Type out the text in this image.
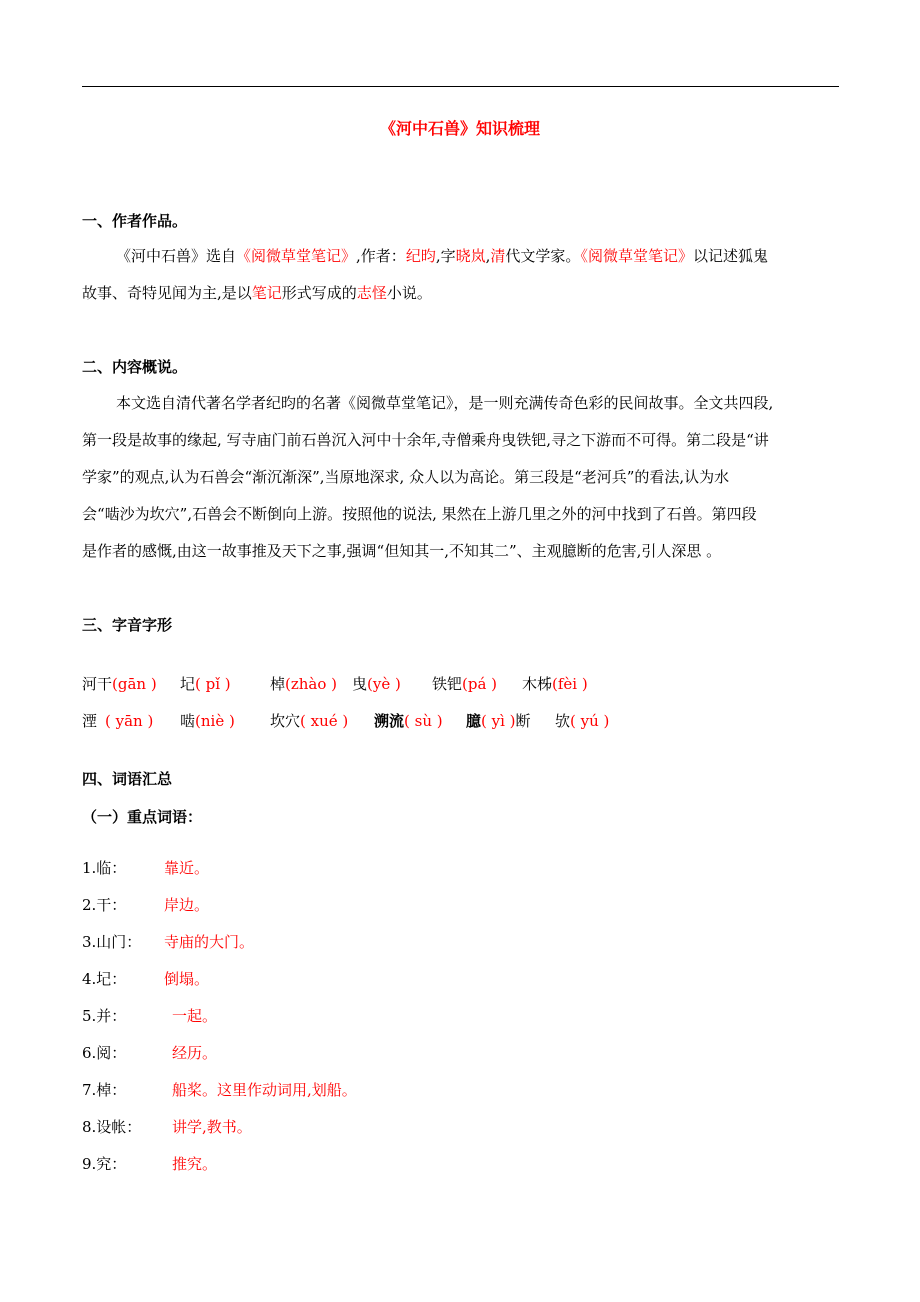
《河中石兽》知识梳理
一、作者作品。
《河中石兽》选自《阅微草堂笔记》,作者：纪昀,字晓岚,清代文学家。《阅微草堂笔记》以记述狐鬼
故事、奇特见闻为主,是以笔记形式写成的志怪小说。
二、内容概说。
本文选自清代著名学者纪昀的名著《阅微草堂笔记》，是一则充满传奇色彩的民间故事。全文共四段,
第一段是故事的缘起, 写寺庙门前石兽沉入河中十余年,寺僧乘舟曳铁钯,寻之下游而不可得。第二段是“讲
学家”的观点,认为石兽会“渐沉渐深”,当原地深求, 众人以为高论。第三段是“老河兵”的看法,认为水
会“啮沙为坎穴”,石兽会不断倒向上游。按照他的说法, 果然在上游几里之外的河中找到了石兽。第四段
是作者的感慨,由这一故事推及天下之事,强调“但知其一,不知其二”、主观臆断的危害,引人深思 。
三、字音字形
河干(gān ) 圮( pǐ )	棹(zhào ) 曳(yè ) 铁钯(pá ) 木柹(fèi )
湮 ( yān ) 啮(niè ) 坎穴( xué ) 溯流( sù ) 臆( yì )断 欤( yú )
四、词语汇总
（一）重点词语：
1.临：	靠近。
2.干：	岸边。
3.山门： 寺庙的大门。
4.圮：	倒塌。
5.并：	一起。
6.阅：	经历。
7.棹：	船桨。这里作动词用,划船。
8.设帐： 讲学,教书。
9.究：	推究。
